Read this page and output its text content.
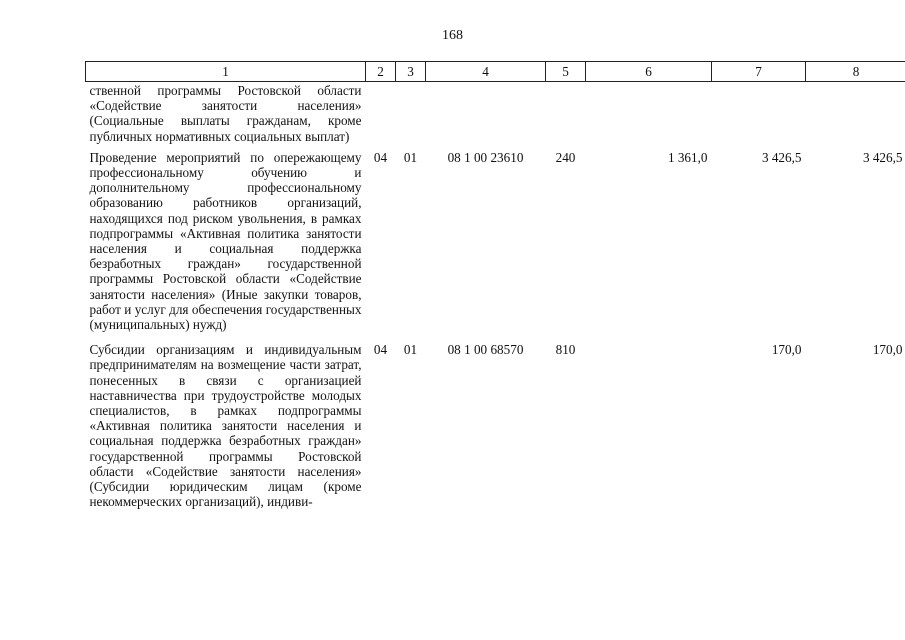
168
1	2	3	4	5	6	7	8
ственной программы Ростовской области «Содействие занятости населения» (Социальные выплаты гражданам, кроме публичных нормативных социальных выплат)							
Проведение мероприятий по опережающему профессиональному обучению и дополнительному профессиональному образованию работников организаций, находящихся под риском увольнения, в рамках подпрограммы «Активная политика занятости населения и социальная поддержка безработных граждан» государственной программы Ростовской области «Содействие занятости населения» (Иные закупки товаров, работ и услуг для обеспечения государственных (муниципальных) нужд)	04	01	08 1 00 23610	240	1 361,0	3 426,5	3 426,5
Субсидии организациям и индивидуальным предпринимателям на возмещение части затрат, понесенных в связи с организацией наставничества при трудоустройстве молодых специалистов, в рамках подпрограммы «Активная политика занятости населения и социальная поддержка безработных граждан» государственной программы Ростовской области «Содействие занятости населения» (Субсидии юридическим лицам (кроме некоммерческих организаций), индиви-	04	01	08 1 00 68570	810		170,0	170,0
